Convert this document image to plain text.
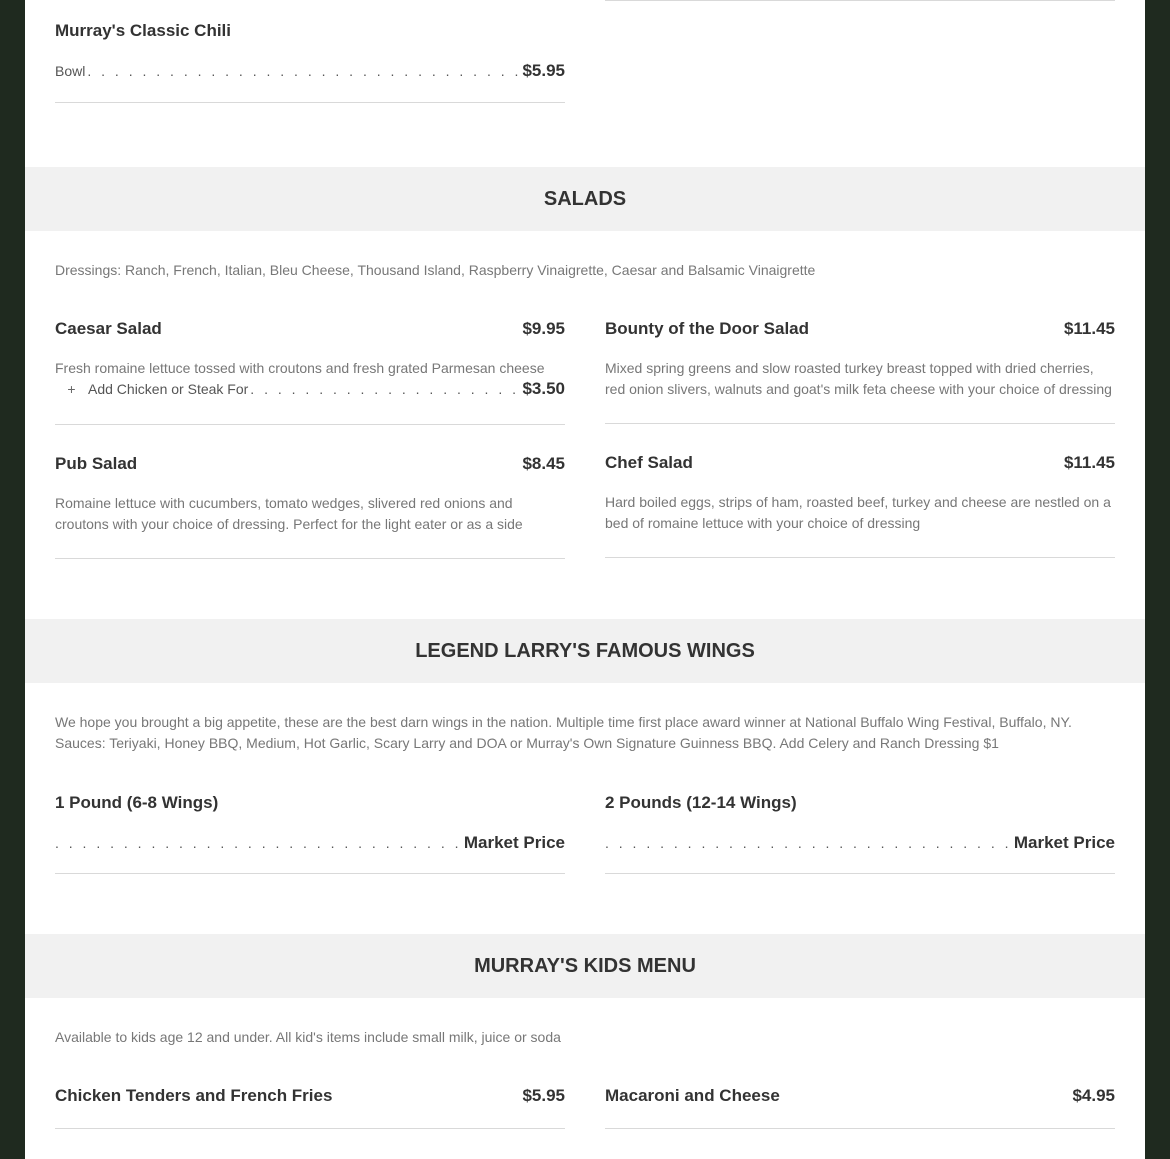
Murray's Classic Chili
Bowl . . .	$5.95
SALADS
Dressings: Ranch, French, Italian, Bleu Cheese, Thousand Island, Raspberry Vinaigrette, Caesar and Balsamic Vinaigrette
Caesar Salad	$9.95
Fresh romaine lettuce tossed with croutons and fresh grated Parmesan cheese
+ Add Chicken or Steak For . . .	$3.50
Bounty of the Door Salad	$11.45
Mixed spring greens and slow roasted turkey breast topped with dried cherries, red onion slivers, walnuts and goat's milk feta cheese with your choice of dressing
Pub Salad	$8.45
Romaine lettuce with cucumbers, tomato wedges, slivered red onions and croutons with your choice of dressing. Perfect for the light eater or as a side
Chef Salad	$11.45
Hard boiled eggs, strips of ham, roasted beef, turkey and cheese are nestled on a bed of romaine lettuce with your choice of dressing
LEGEND LARRY'S FAMOUS WINGS
We hope you brought a big appetite, these are the best darn wings in the nation. Multiple time first place award winner at National Buffalo Wing Festival, Buffalo, NY. Sauces: Teriyaki, Honey BBQ, Medium, Hot Garlic, Scary Larry and DOA or Murray's Own Signature Guinness BBQ. Add Celery and Ranch Dressing $1
1 Pound (6-8 Wings)
. . .
Market Price
2 Pounds (12-14 Wings)
. . .
Market Price
MURRAY'S KIDS MENU
Available to kids age 12 and under. All kid's items include small milk, juice or soda
Chicken Tenders and French Fries	$5.95 Macaroni and Cheese	$4.95
